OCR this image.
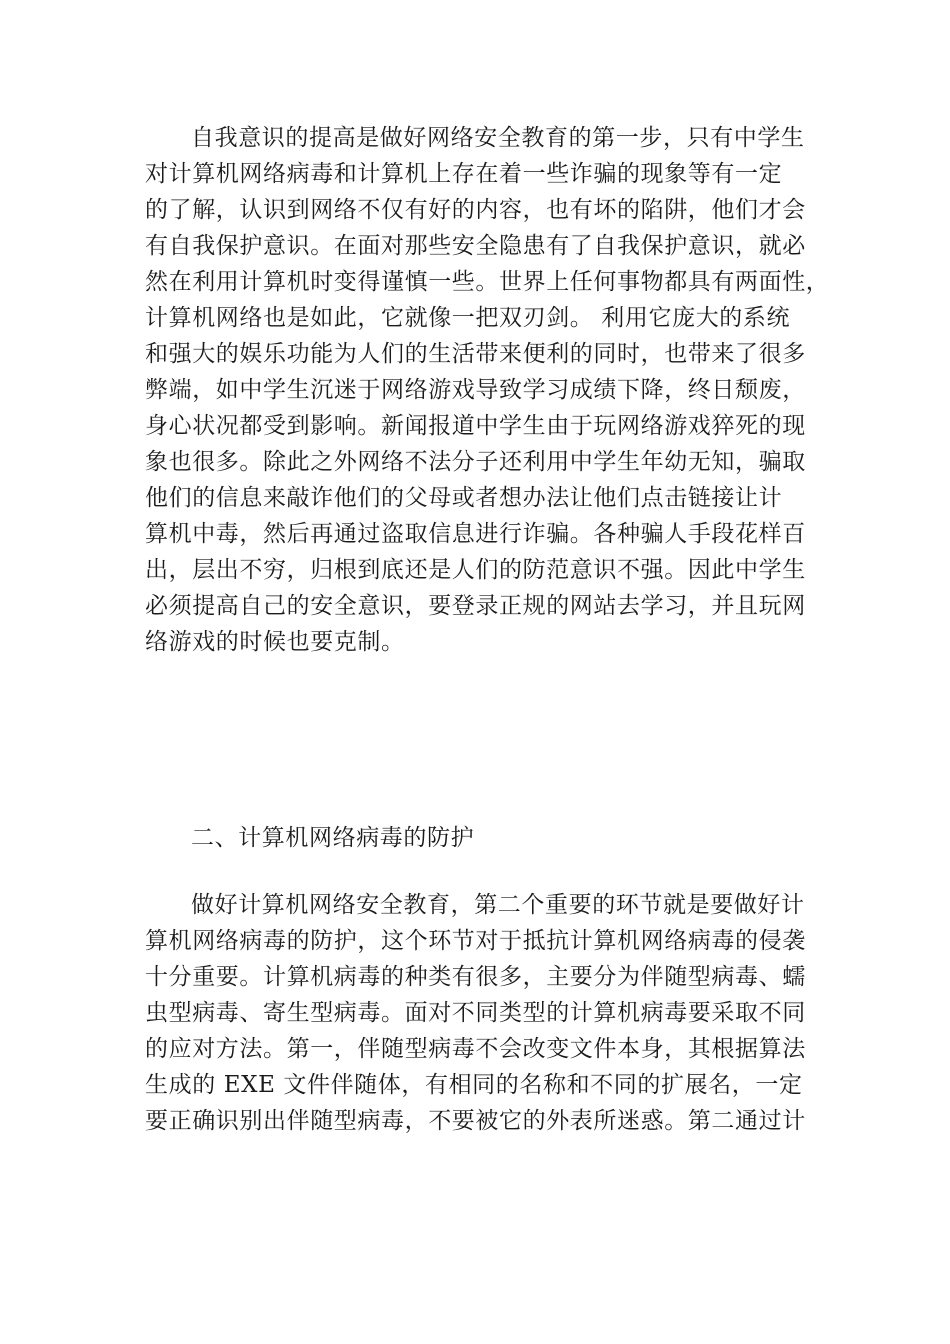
自我意识的提高是做好网络安全教育的第一步，只有中学生
对计算机网络病毒和计算机上存在着一些诈骗的现象等有一定
的了解，认识到网络不仅有好的内容，也有坏的陷阱，他们才会
有自我保护意识。在面对那些安全隐患有了自我保护意识，就必
然在利用计算机时变得谨慎一些。世界上任何事物都具有两面性，
计算机网络也是如此，它就像一把双刃剑。 利用它庞大的系统
和强大的娱乐功能为人们的生活带来便利的同时，也带来了很多
弊端，如中学生沉迷于网络游戏导致学习成绩下降，终日颓废，
身心状况都受到影响。新闻报道中学生由于玩网络游戏猝死的现
象也很多。除此之外网络不法分子还利用中学生年幼无知，骗取
他们的信息来敲诈他们的父母或者想办法让他们点击链接让计
算机中毒，然后再通过盗取信息进行诈骗。各种骗人手段花样百
出，层出不穷，归根到底还是人们的防范意识不强。因此中学生
必须提高自己的安全意识，要登录正规的网站去学习，并且玩网
络游戏的时候也要克制。
二、计算机网络病毒的防护
做好计算机网络安全教育，第二个重要的环节就是要做好计
算机网络病毒的防护，这个环节对于抵抗计算机网络病毒的侵袭
十分重要。计算机病毒的种类有很多，主要分为伴随型病毒、蠕
虫型病毒、寄生型病毒。面对不同类型的计算机病毒要采取不同
的应对方法。第一，伴随型病毒不会改变文件本身，其根据算法
生成的 EXE 文件伴随体，有相同的名称和不同的扩展名，一定
要正确识别出伴随型病毒，不要被它的外表所迷惑。第二通过计
